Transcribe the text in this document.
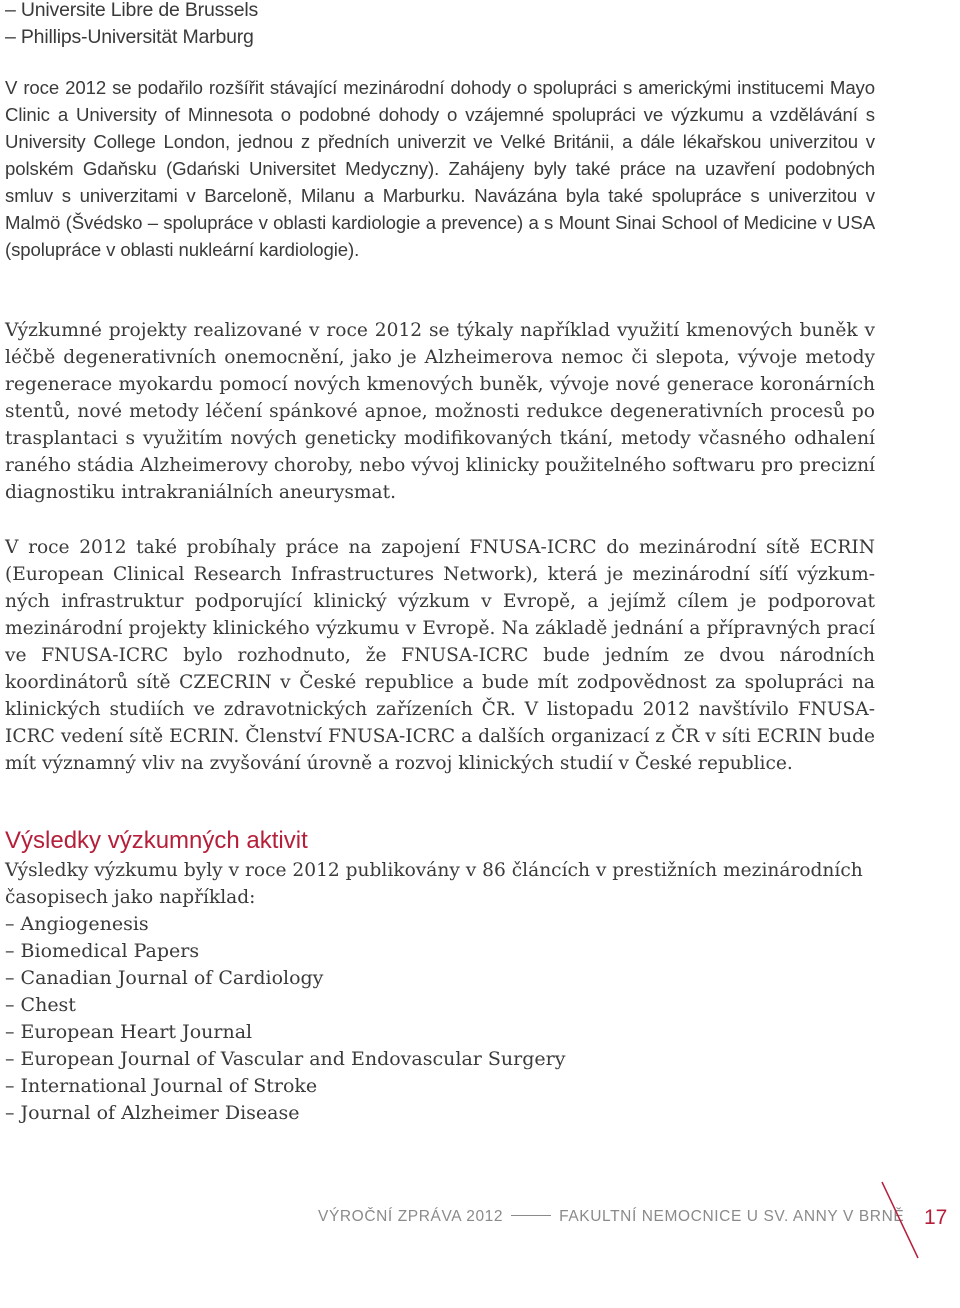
– Universite Libre de Brussels
– Phillips-Universität Marburg

V roce 2012 se podařilo rozšířit stávající mezinárodní dohody o spolupráci s americkými institucemi Mayo Clinic a University of Minnesota o podobné dohody o vzájemné spolupráci ve výzkumu a vzdělávání s University College London, jednou z předních univerzit ve Velké Británii, a dále lékařskou univerzitou v polském Gdaňsku (Gdański Universitet Medyczny). Zahájeny byly také práce na uzavření podobných smluv s univerzitami v Barceloně, Milanu a Marburku. Navázána byla také spolupráce s univerzitou v Malmö (Švédsko – spolupráce v oblasti kardiologie a prevence) a s Mount Sinai School of Medicine v USA (spolupráce v oblasti nukleární kardiologie).

Výzkumné projekty realizované v roce 2012 se týkaly například využití kmenových buněk v léčbě degenerativních onemocnění, jako je Alzheimerova nemoc či slepota, vývoje metody regenerace myokardu pomocí nových kmenových buněk, vývoje nové generace koronárních stentů, nové metody léčení spánkové apnoe, možnosti redukce degenerativních procesů po trasplantaci s využitím nových geneticky modifikovaných tkání, metody včasného odhalení raného stádia Alzheimerovy choroby, nebo vývoj klinicky použitelného softwaru pro precizní diagnostiku intrakraniálních aneurysmat.

V roce 2012 také probíhaly práce na zapojení FNUSA-ICRC do mezinárodní sítě ECRIN (European Clinical Research Infrastructures Network), která je mezinárodní síťí výzkumných infrastruktur podporující klinický výzkum v Evropě, a jejímž cílem je podporovat mezinárodní projekty klinického výzkumu v Evropě. Na základě jednání a přípravných prací ve FNUSA-ICRC bylo rozhodnuto, že FNUSA-ICRC bude jedním ze dvou národních koordinátorů sítě CZECRIN v České republice a bude mít zodpovědnost za spolupráci na klinických studiích ve zdravotnických zařízeních ČR. V listopadu 2012 navštívilo FNUSA-ICRC vedení sítě ECRIN. Členství FNUSA-ICRC a dalších organizací z ČR v síti ECRIN bude mít významný vliv na zvyšování úrovně a rozvoj klinických studií v České republice.

Výsledky výzkumných aktivit

Výsledky výzkumu byly v roce 2012 publikovány v 86 článcích v prestižních mezinárodních časopisech jako například:

– Angiogenesis
– Biomedical Papers
– Canadian Journal of Cardiology
– Chest
– European Heart Journal
– European Journal of Vascular and Endovascular Surgery
– International Journal of Stroke
– Journal of Alzheimer Disease
VÝROČNÍ ZPRÁVA 2012	FAKULTNÍ NEMOCNICE U SV. ANNY V BRNĚ 17
